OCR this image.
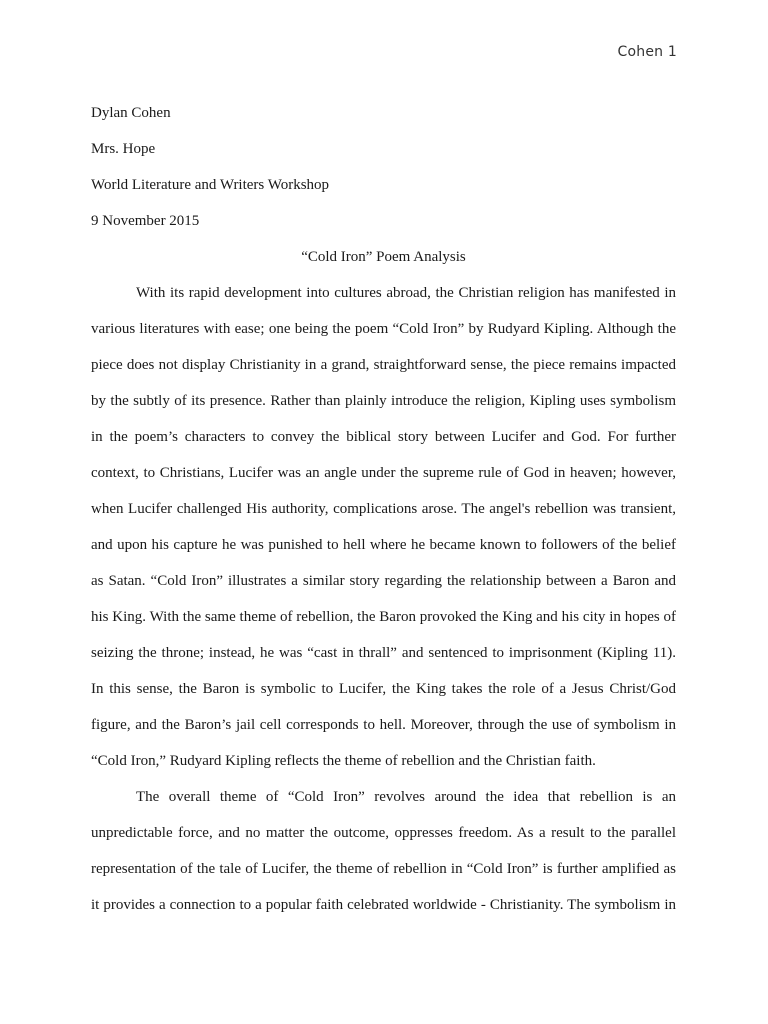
Cohen 1

Dylan Cohen

Mrs. Hope

World Literature and Writers Workshop

9 November 2015

“Cold Iron” Poem Analysis

With its rapid development into cultures abroad, the Christian religion has manifested in

various literatures with ease; one being the poem “Cold Iron” by Rudyard Kipling. Although the

piece does not display Christianity in a grand, straightforward sense, the piece remains impacted

by the subtly of its presence. Rather than plainly introduce the religion, Kipling uses symbolism

in the poem’s characters to convey the biblical story between Lucifer and God. For further

context, to Christians, Lucifer was an angle under the supreme rule of God in heaven; however,

when Lucifer challenged His authority, complications arose. The angel's rebellion was transient,

and upon his capture he was punished to hell where he became known to followers of the belief

as Satan. “Cold Iron” illustrates a similar story regarding the relationship between a Baron and

his King. With the same theme of rebellion, the Baron provoked the King and his city in hopes of

seizing the throne; instead, he was “cast in thrall” and sentenced to imprisonment (Kipling 11).

In this sense, the Baron is symbolic to Lucifer, the King takes the role of a Jesus Christ/God

figure, and the Baron’s jail cell corresponds to hell. Moreover, through the use of symbolism in

“Cold Iron,” Rudyard Kipling reflects the theme of rebellion and the Christian faith.

The overall theme of “Cold Iron” revolves around the idea that rebellion is an

unpredictable force, and no matter the outcome, oppresses freedom. As a result to the parallel

representation of the tale of Lucifer, the theme of rebellion in “Cold Iron” is further amplified as

it provides a connection to a popular faith celebrated worldwide - Christianity. The symbolism in
